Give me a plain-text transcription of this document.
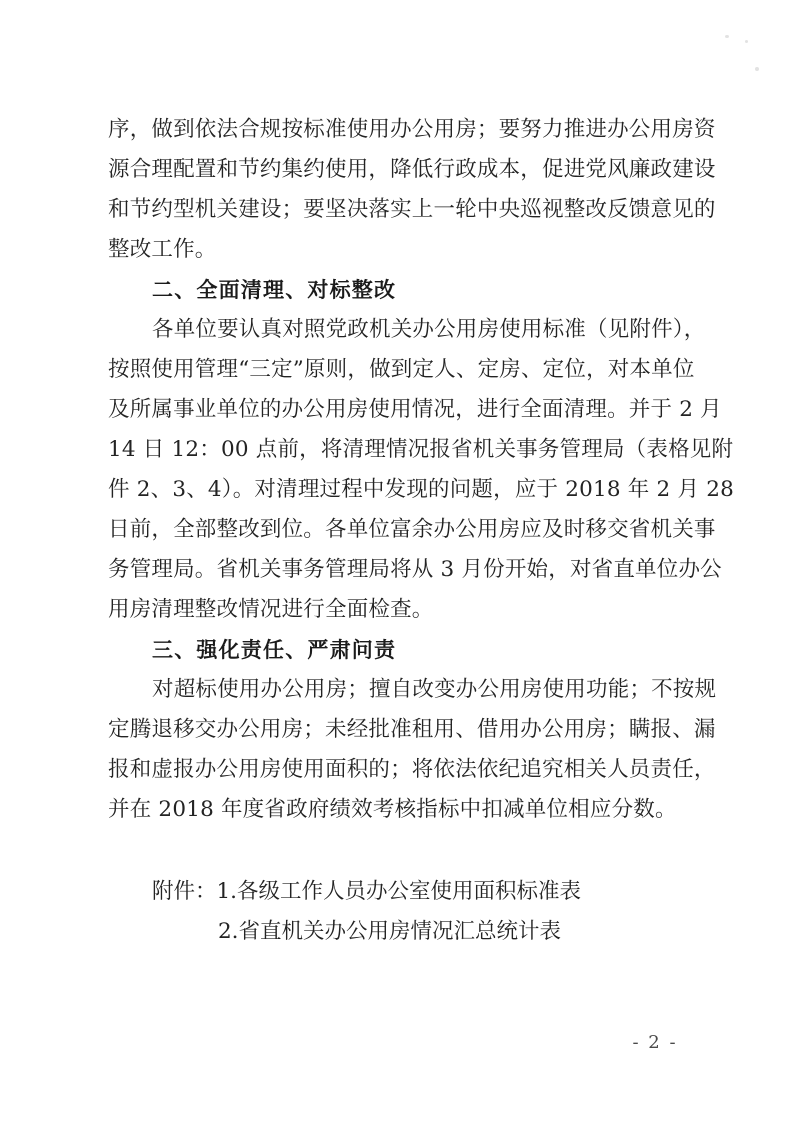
序，做到依法合规按标准使用办公用房；要努力推进办公用房资
源合理配置和节约集约使用，降低行政成本，促进党风廉政建设
和节约型机关建设；要坚决落实上一轮中央巡视整改反馈意见的
整改工作。
二、全面清理、对标整改
各单位要认真对照党政机关办公用房使用标准（见附件），
按照使用管理“三定”原则，做到定人、定房、定位，对本单位
及所属事业单位的办公用房使用情况，进行全面清理。并于 2 月
14 日 12：00 点前，将清理情况报省机关事务管理局（表格见附
件 2、3、4）。对清理过程中发现的问题，应于 2018 年 2 月 28
日前，全部整改到位。各单位富余办公用房应及时移交省机关事
务管理局。省机关事务管理局将从 3 月份开始，对省直单位办公
用房清理整改情况进行全面检查。
三、强化责任、严肃问责
对超标使用办公用房；擅自改变办公用房使用功能；不按规
定腾退移交办公用房；未经批准租用、借用办公用房；瞒报、漏
报和虚报办公用房使用面积的；将依法依纪追究相关人员责任，
并在 2018 年度省政府绩效考核指标中扣减单位相应分数。
附件：1.各级工作人员办公室使用面积标准表
2.省直机关办公用房情况汇总统计表
- 2 -
